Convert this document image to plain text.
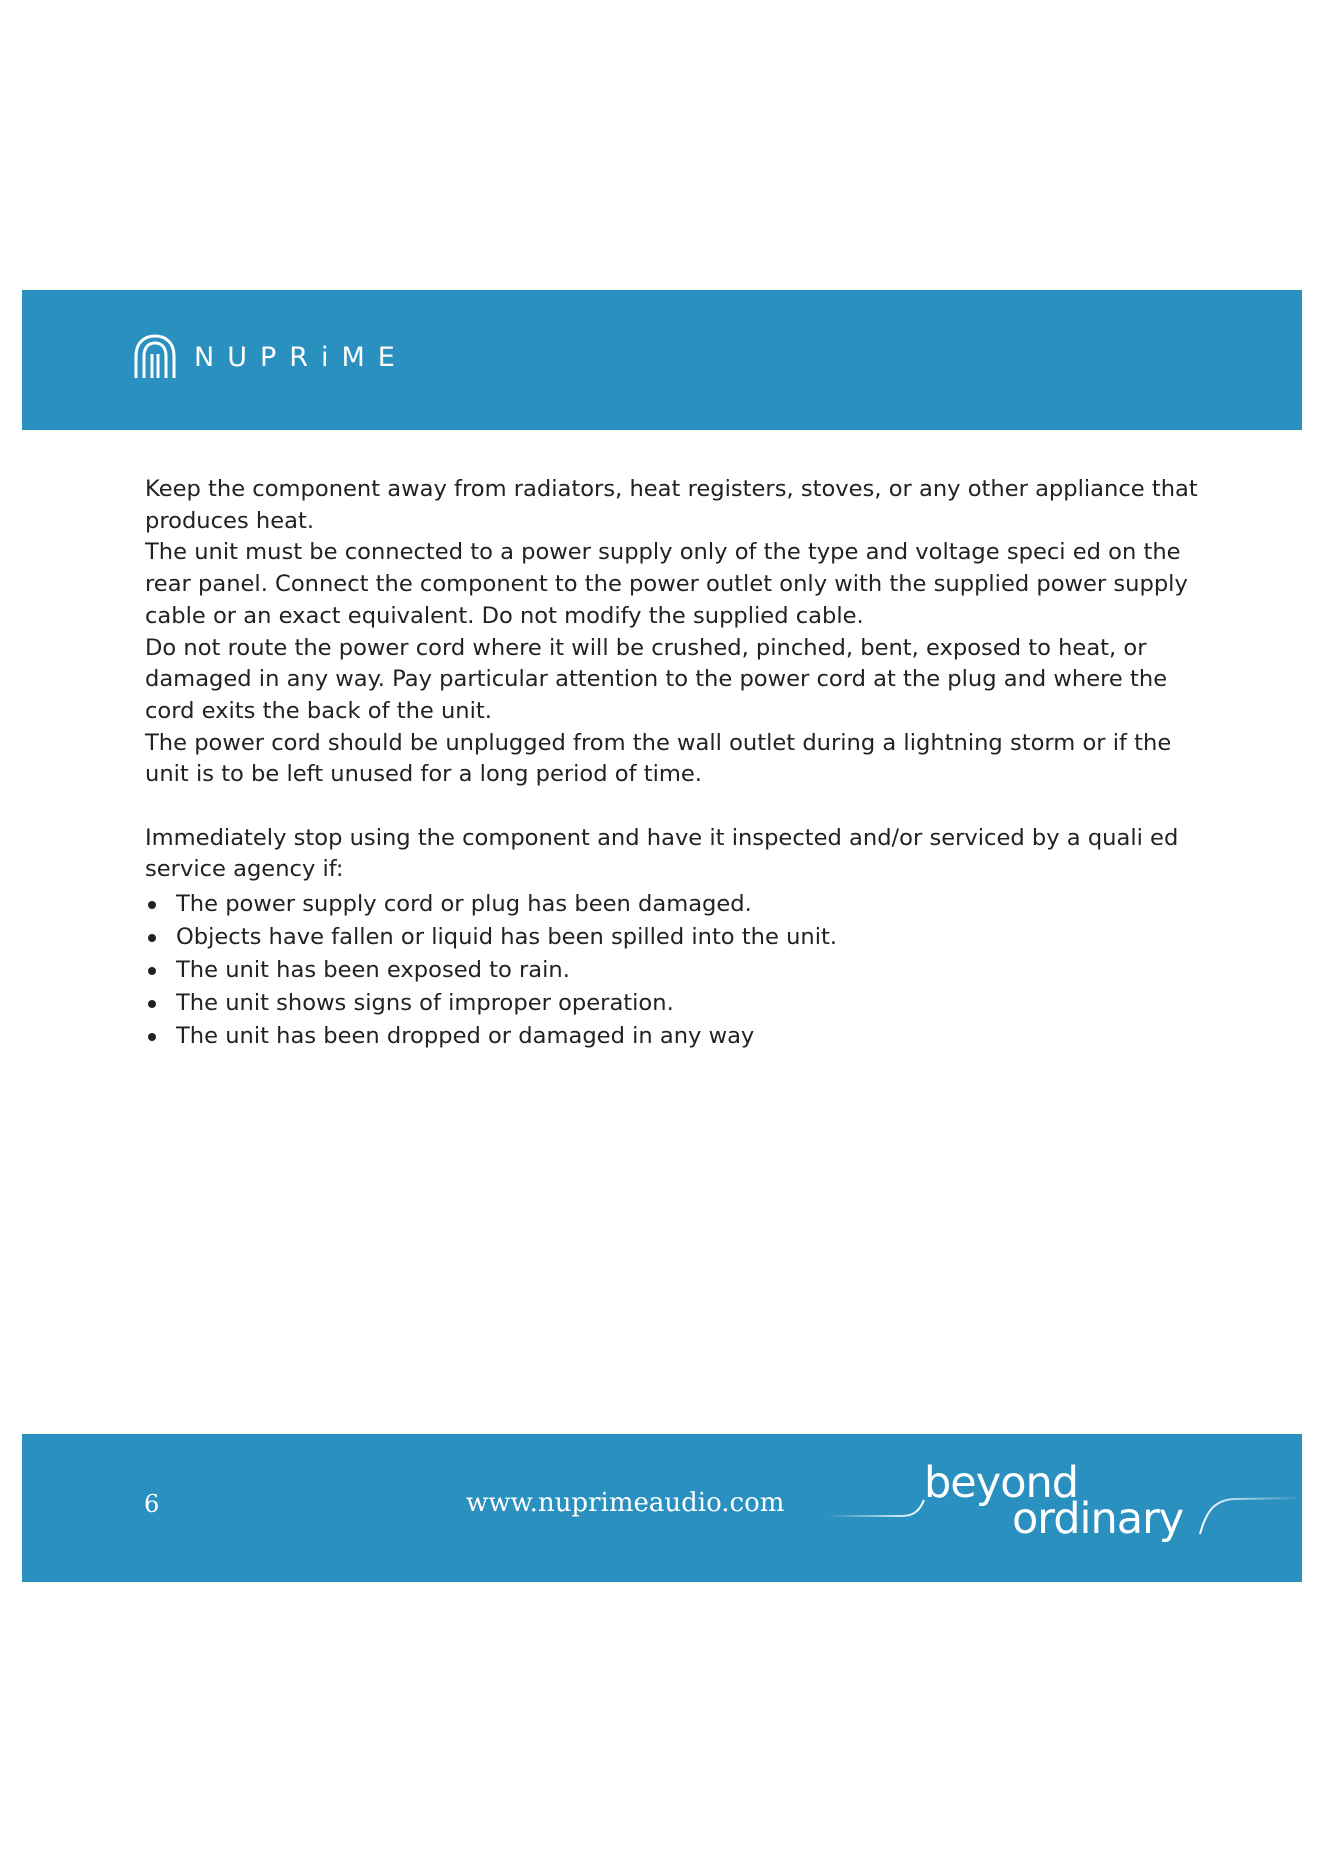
NUPRiME

Keep the component away from radiators, heat registers, stoves, or any other appliance that produces heat.

The unit must be connected to a power supply only of the type and voltage speci ed on the rear panel. Connect the component to the power outlet only with the supplied power supply cable or an exact equivalent. Do not modify the supplied cable.

Do not route the power cord where it will be crushed, pinched, bent, exposed to heat, or damaged in any way. Pay particular attention to the power cord at the plug and where the cord exits the back of the unit.

The power cord should be unplugged from the wall outlet during a lightning storm or if the unit is to be left unused for a long period of time.

Immediately stop using the component and have it inspected and/or serviced by a quali ed service agency if:

The power supply cord or plug has been damaged.
Objects have fallen or liquid has been spilled into the unit.
The unit has been exposed to rain.
The unit shows signs of improper operation.
The unit has been dropped or damaged in any way
6	www.nuprimeaudio.com	beyond
ordinary
